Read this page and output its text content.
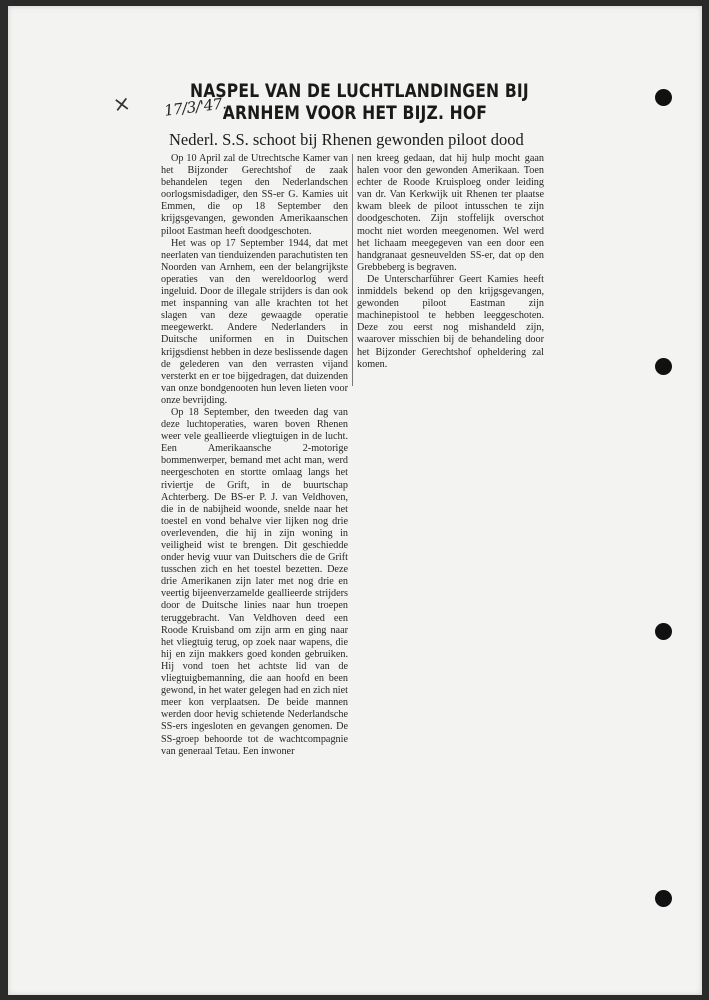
× 17/3/'47.
NASPEL VAN DE LUCHTLANDINGEN BIJ
ARNHEM VOOR HET BIJZ. HOF
Nederl. S.S. schoot bij Rhenen gewonden piloot dood

Op 10 April zal de Utrechtsche Kamer van het Bijzonder Gerechtshof de zaak behandelen tegen den Nederlandschen oorlogsmisdadiger, den SS-er G. Kamies uit Emmen, die op 18 September den krijgsgevangen, gewonden Amerikaanschen piloot Eastman heeft doodgeschoten.

Het was op 17 September 1944, dat met neerlaten van tienduizenden parachutisten ten Noorden van Arnhem, een der belangrijkste operaties van den wereldoorlog werd ingeluid. Door de illegale strijders is dan ook met inspanning van alle krachten tot het slagen van deze gewaagde operatie meegewerkt. Andere Nederlanders in Duitsche uniformen en in Duitschen krijgsdienst hebben in deze beslissende dagen de gelederen van den verrasten vijand versterkt en er toe bijgedragen, dat duizenden van onze bondgenooten hun leven lieten voor onze bevrijding.

Op 18 September, den tweeden dag van deze luchtoperaties, waren boven Rhenen weer vele geallieerde vliegtuigen in de lucht. Een Amerikaansche 2-motorige bommenwerper, bemand met acht man, werd neergeschoten en stortte omlaag langs het riviertje de Grift, in de buurtschap Achterberg. De BS-er P. J. van Veldhoven, die in de nabijheid woonde, snelde naar het toestel en vond behalve vier lijken nog drie overlevenden, die hij in zijn woning in veiligheid wist te brengen. Dit geschiedde onder hevig vuur van Duitschers die de Grift tusschen zich en het toestel bezetten. Deze drie Amerikanen zijn later met nog drie en veertig bijeenverzamelde geallieerde strijders door de Duitsche linies naar hun troepen teruggebracht. Van Veldhoven deed een Roode Kruisband om zijn arm en ging naar het vliegtuig terug, op zoek naar wapens, die hij en zijn makkers goed konden gebruiken. Hij vond toen het achtste lid van de vliegtuigbemanning, die aan hoofd en been gewond, in het water gelegen had en zich niet meer kon verplaatsen. De beide mannen werden door hevig schietende Nederlandsche SS-ers ingesloten en gevangen genomen. De SS-groep behoorde tot de wachtcompagnie van generaal Tetau. Een inwoner

nen kreeg gedaan, dat hij hulp mocht gaan halen voor den gewonden Amerikaan. Toen echter de Roode Kruisploeg onder leiding van dr. Van Kerkwijk uit Rhenen ter plaatse kwam bleek de piloot intusschen te zijn doodgeschoten. Zijn stoffelijk overschot mocht niet worden meegenomen. Wel werd het lichaam meegegeven van een door een handgranaat gesneuvelden SS-er, dat op den Grebbeberg is begraven.

De Unterscharführer Geert Kamies heeft inmiddels bekend op den krijgsgevangen, gewonden piloot Eastman zijn machinepistool te hebben leeggeschoten. Deze zou eerst nog mishandeld zijn, waarover misschien bij de behandeling door het Bijzonder Gerechtshof opheldering zal komen.
